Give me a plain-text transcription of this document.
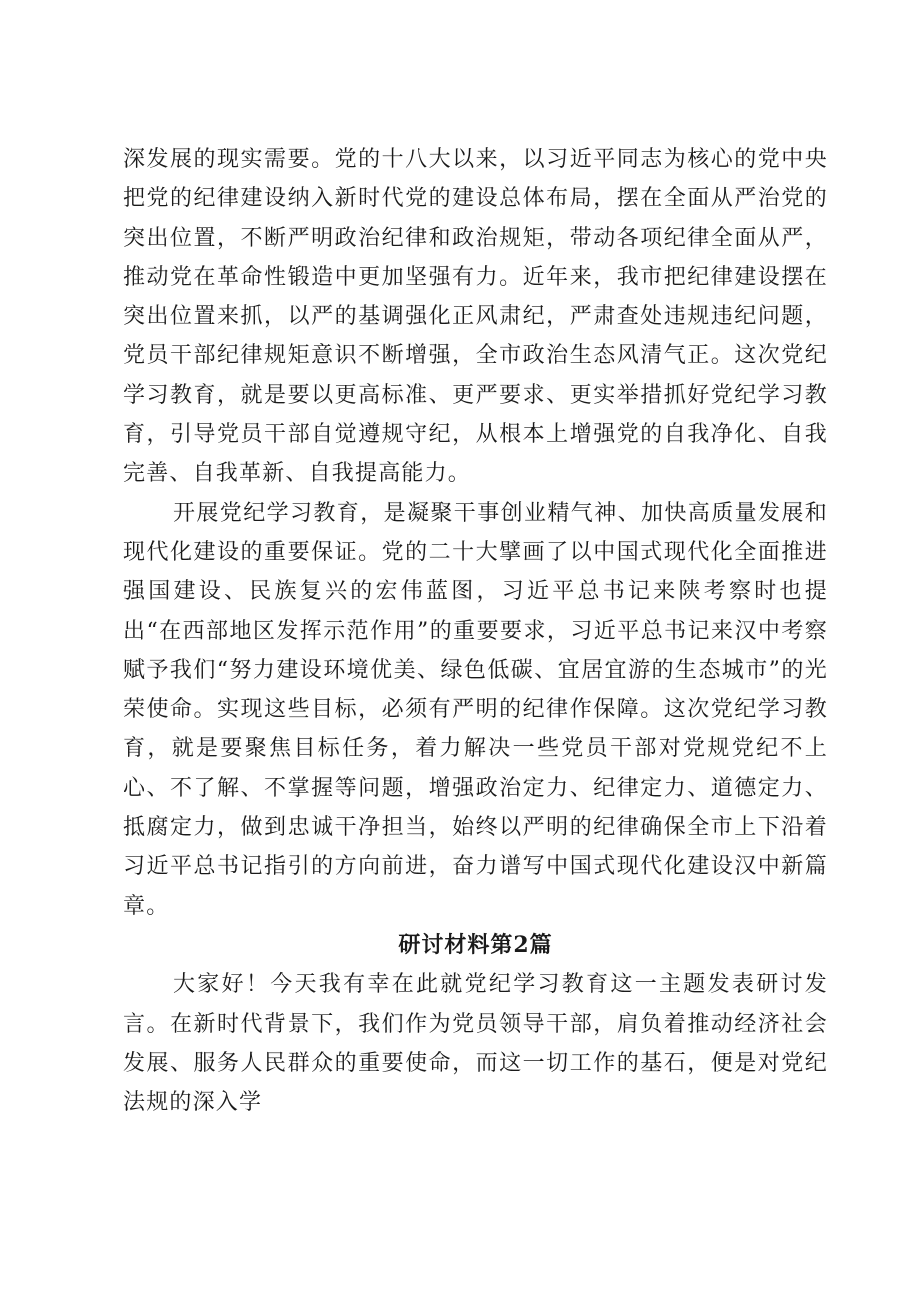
深发展的现实需要。党的十八大以来，以习近平同志为核心的党中央把党的纪律建设纳入新时代党的建设总体布局，摆在全面从严治党的突出位置，不断严明政治纪律和政治规矩，带动各项纪律全面从严，推动党在革命性锻造中更加坚强有力。近年来，我市把纪律建设摆在突出位置来抓，以严的基调强化正风肃纪，严肃查处违规违纪问题，党员干部纪律规矩意识不断增强，全市政治生态风清气正。这次党纪学习教育，就是要以更高标准、更严要求、更实举措抓好党纪学习教育，引导党员干部自觉遵规守纪，从根本上增强党的自我净化、自我完善、自我革新、自我提高能力。

开展党纪学习教育，是凝聚干事创业精气神、加快高质量发展和现代化建设的重要保证。党的二十大擘画了以中国式现代化全面推进强国建设、民族复兴的宏伟蓝图，习近平总书记来陕考察时也提出“在西部地区发挥示范作用”的重要要求，习近平总书记来汉中考察赋予我们“努力建设环境优美、绿色低碳、宜居宜游的生态城市”的光荣使命。实现这些目标，必须有严明的纪律作保障。这次党纪学习教育，就是要聚焦目标任务，着力解决一些党员干部对党规党纪不上心、不了解、不掌握等问题，增强政治定力、纪律定力、道德定力、抵腐定力，做到忠诚干净担当，始终以严明的纪律确保全市上下沿着习近平总书记指引的方向前进，奋力谱写中国式现代化建设汉中新篇章。

研讨材料第2篇

大家好！今天我有幸在此就党纪学习教育这一主题发表研讨发言。在新时代背景下，我们作为党员领导干部，肩负着推动经济社会发展、服务人民群众的重要使命，而这一切工作的基石，便是对党纪法规的深入学
